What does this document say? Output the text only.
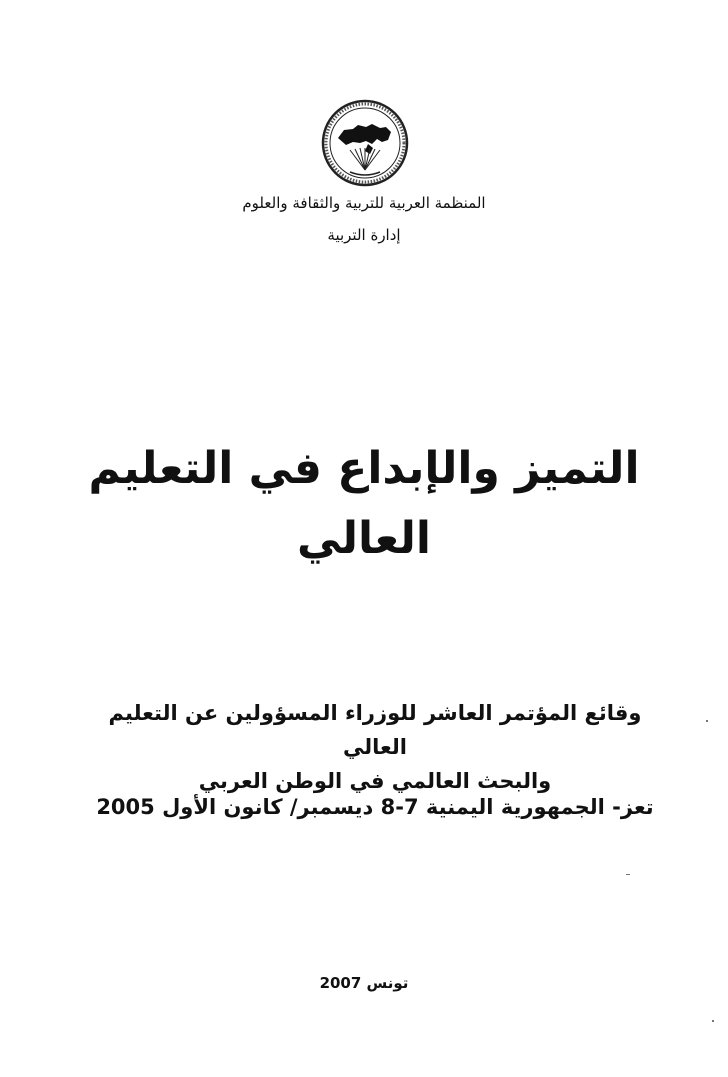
المنظمة العربية للتربية والثقافة والعلوم
إدارة التربية
التميز والإبداع في التعليم العالي
وقائع المؤتمر العاشر للوزراء المسؤولين عن التعليم العالي
والبحث العالمي في الوطن العربي
تعز- الجمهورية اليمنية 7-8 ديسمبر/ كانون الأول 2005
تونس 2007
